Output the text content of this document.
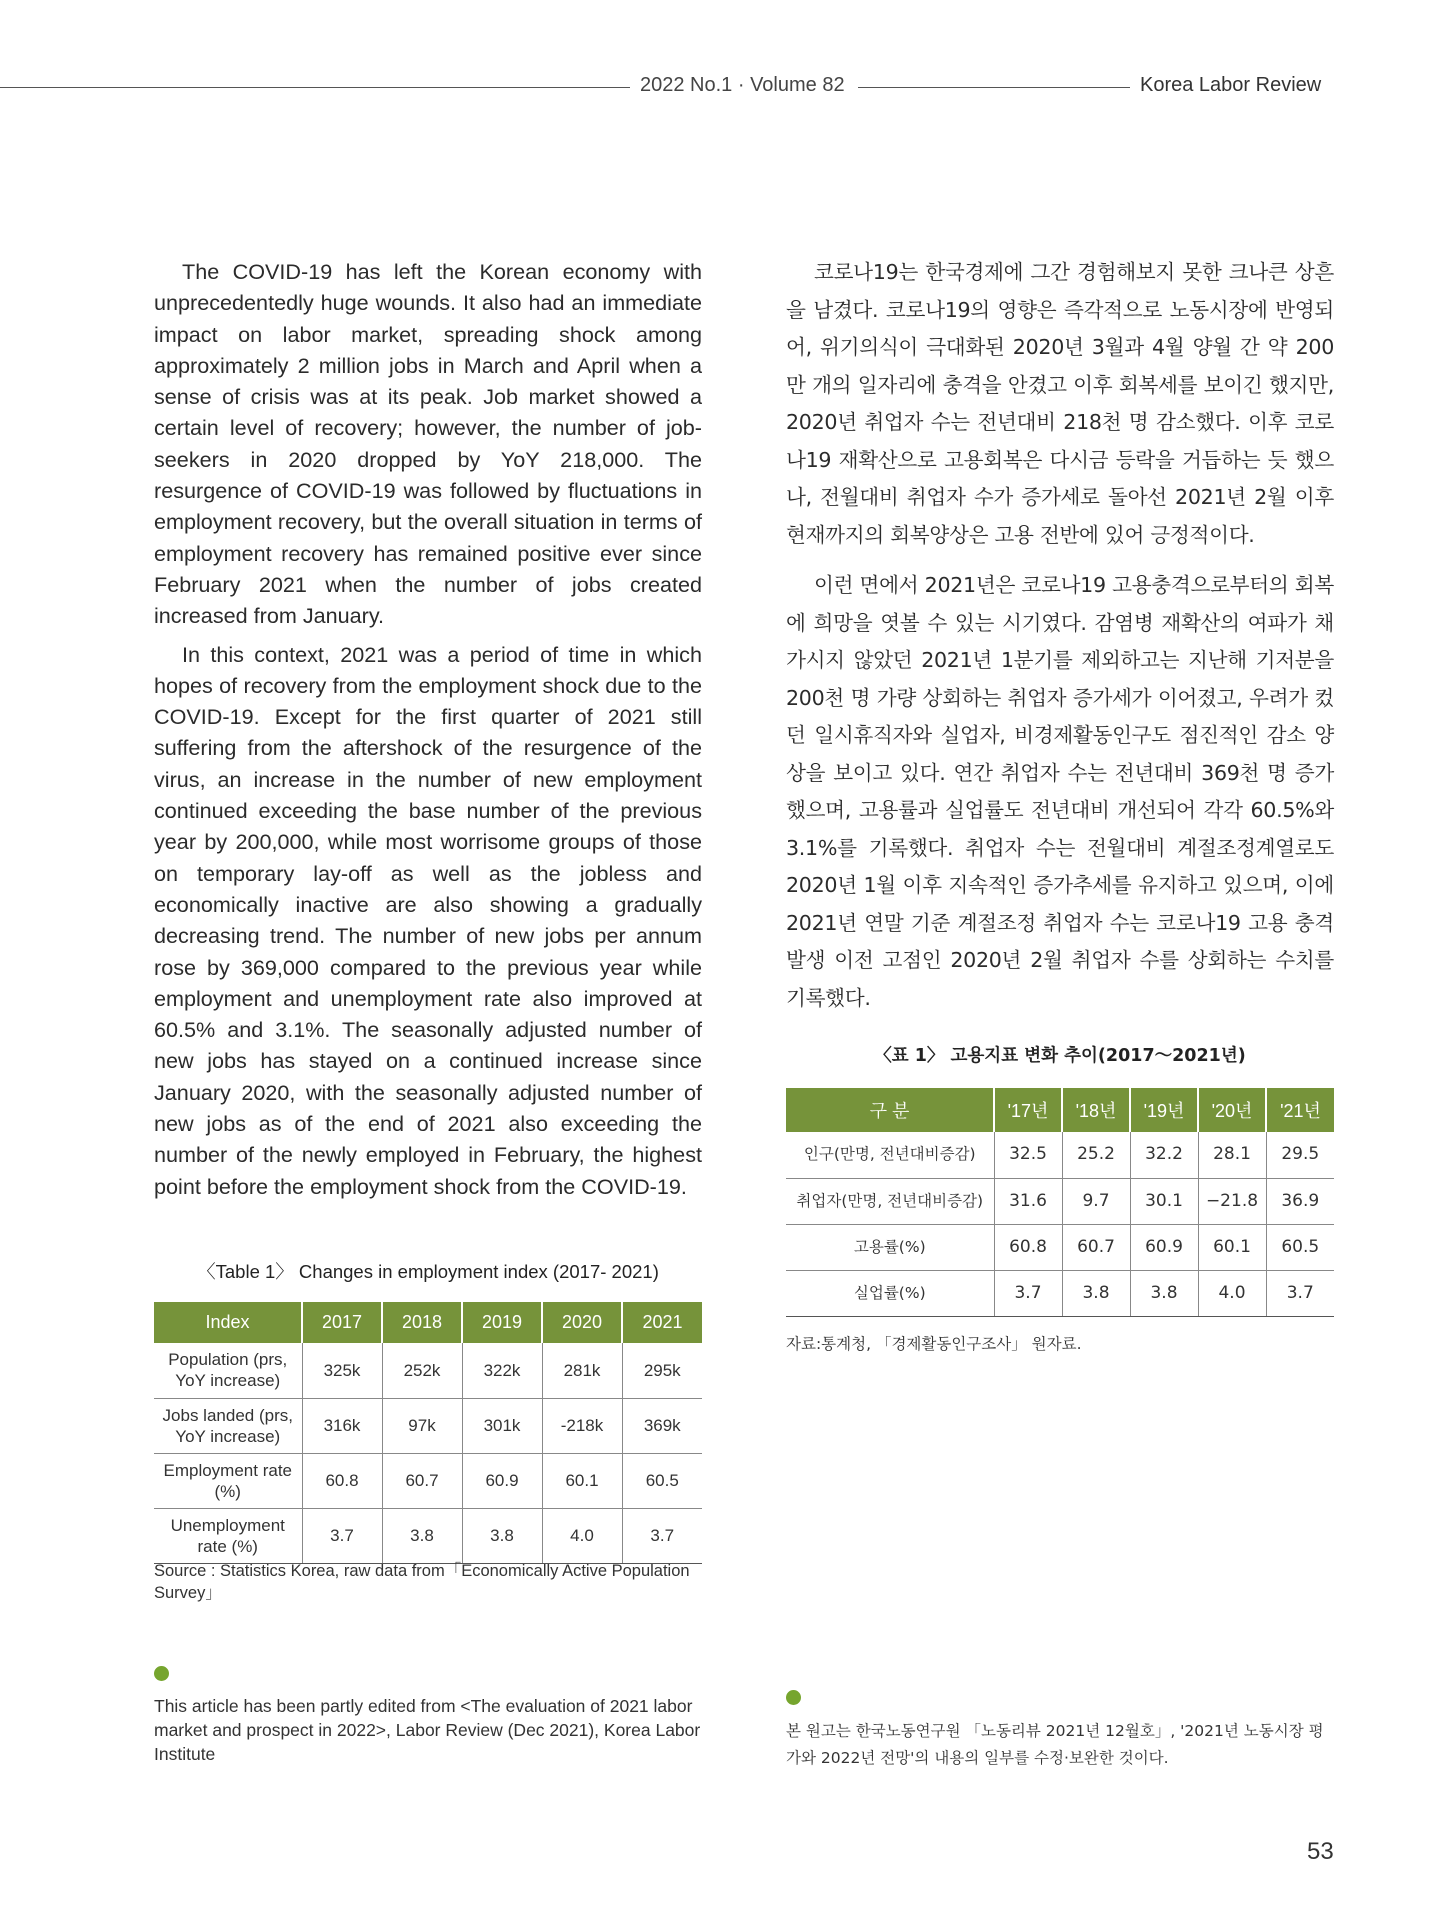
2022 No.1 · Volume 82	Korea Labor Review

The COVID-19 has left the Korean economy with unprecedentedly huge wounds. It also had an immediate impact on labor market, spreading shock among approximately 2 million jobs in March and April when a sense of crisis was at its peak. Job market showed a certain level of recovery; however, the number of job-seekers in 2020 dropped by YoY 218,000. The resurgence of COVID-19 was followed by fluctuations in employment recovery, but the overall situation in terms of employment recovery has remained positive ever since February 2021 when the number of jobs created increased from January.

In this context, 2021 was a period of time in which hopes of recovery from the employment shock due to the COVID-19. Except for the first quarter of 2021 still suffering from the aftershock of the resurgence of the virus, an increase in the number of new employment continued exceeding the base number of the previous year by 200,000, while most worrisome groups of those on temporary lay-off as well as the jobless and economically inactive are also showing a gradually decreasing trend. The number of new jobs per annum rose by 369,000 compared to the previous year while employment and unemployment rate also improved at 60.5% and 3.1%. The seasonally adjusted number of new jobs has stayed on a continued increase since January 2020, with the seasonally adjusted number of new jobs as of the end of 2021 also exceeding the number of the newly employed in February, the highest point before the employment shock from the COVID-19.

코로나19는 한국경제에 그간 경험해보지 못한 크나큰 상흔을 남겼다. 코로나19의 영향은 즉각적으로 노동시장에 반영되어, 위기의식이 극대화된 2020년 3월과 4월 양월 간 약 200만 개의 일자리에 충격을 안겼고 이후 회복세를 보이긴 했지만, 2020년 취업자 수는 전년대비 218천 명 감소했다. 이후 코로나19 재확산으로 고용회복은 다시금 등락을 거듭하는 듯 했으나, 전월대비 취업자 수가 증가세로 돌아선 2021년 2월 이후 현재까지의 회복양상은 고용 전반에 있어 긍정적이다.

이런 면에서 2021년은 코로나19 고용충격으로부터의 회복에 희망을 엿볼 수 있는 시기였다. 감염병 재확산의 여파가 채 가시지 않았던 2021년 1분기를 제외하고는 지난해 기저분을 200천 명 가량 상회하는 취업자 증가세가 이어졌고, 우려가 컸던 일시휴직자와 실업자, 비경제활동인구도 점진적인 감소 양상을 보이고 있다. 연간 취업자 수는 전년대비 369천 명 증가했으며, 고용률과 실업률도 전년대비 개선되어 각각 60.5%와 3.1%를 기록했다. 취업자 수는 전월대비 계절조정계열로도 2020년 1월 이후 지속적인 증가추세를 유지하고 있으며, 이에 2021년 연말 기준 계절조정 취업자 수는 코로나19 고용 충격 발생 이전 고점인 2020년 2월 취업자 수를 상회하는 수치를 기록했다.

〈Table 1〉 Changes in employment index (2017- 2021)
Index	2017	2018	2019	2020	2021
Population (prs, YoY increase)	325k	252k	322k	281k	295k
Jobs landed (prs, YoY increase)	316k	97k	301k	-218k	369k
Employment rate (%)	60.8	60.7	60.9	60.1	60.5
Unemployment rate (%)	3.7	3.8	3.8	4.0	3.7
Source : Statistics Korea, raw data from「Economically Active Population Survey」
〈표 1〉 고용지표 변화 추이(2017～2021년)
구 분	'17년	'18년	'19년	'20년	'21년
인구(만명, 전년대비증감)	32.5	25.2	32.2	28.1	29.5
취업자(만명, 전년대비증감)	31.6	9.7	30.1	−21.8	36.9
고용률(%)	60.8	60.7	60.9	60.1	60.5
실업률(%)	3.7	3.8	3.8	4.0	3.7
자료:통계청, 「경제활동인구조사」 원자료.
This article has been partly edited from <The evaluation of 2021 labor market and prospect in 2022>, Labor Review (Dec 2021), Korea Labor Institute
본 원고는 한국노동연구원 「노동리뷰 2021년 12월호」, '2021년 노동시장 평가와 2022년 전망'의 내용의 일부를 수정·보완한 것이다.
53
